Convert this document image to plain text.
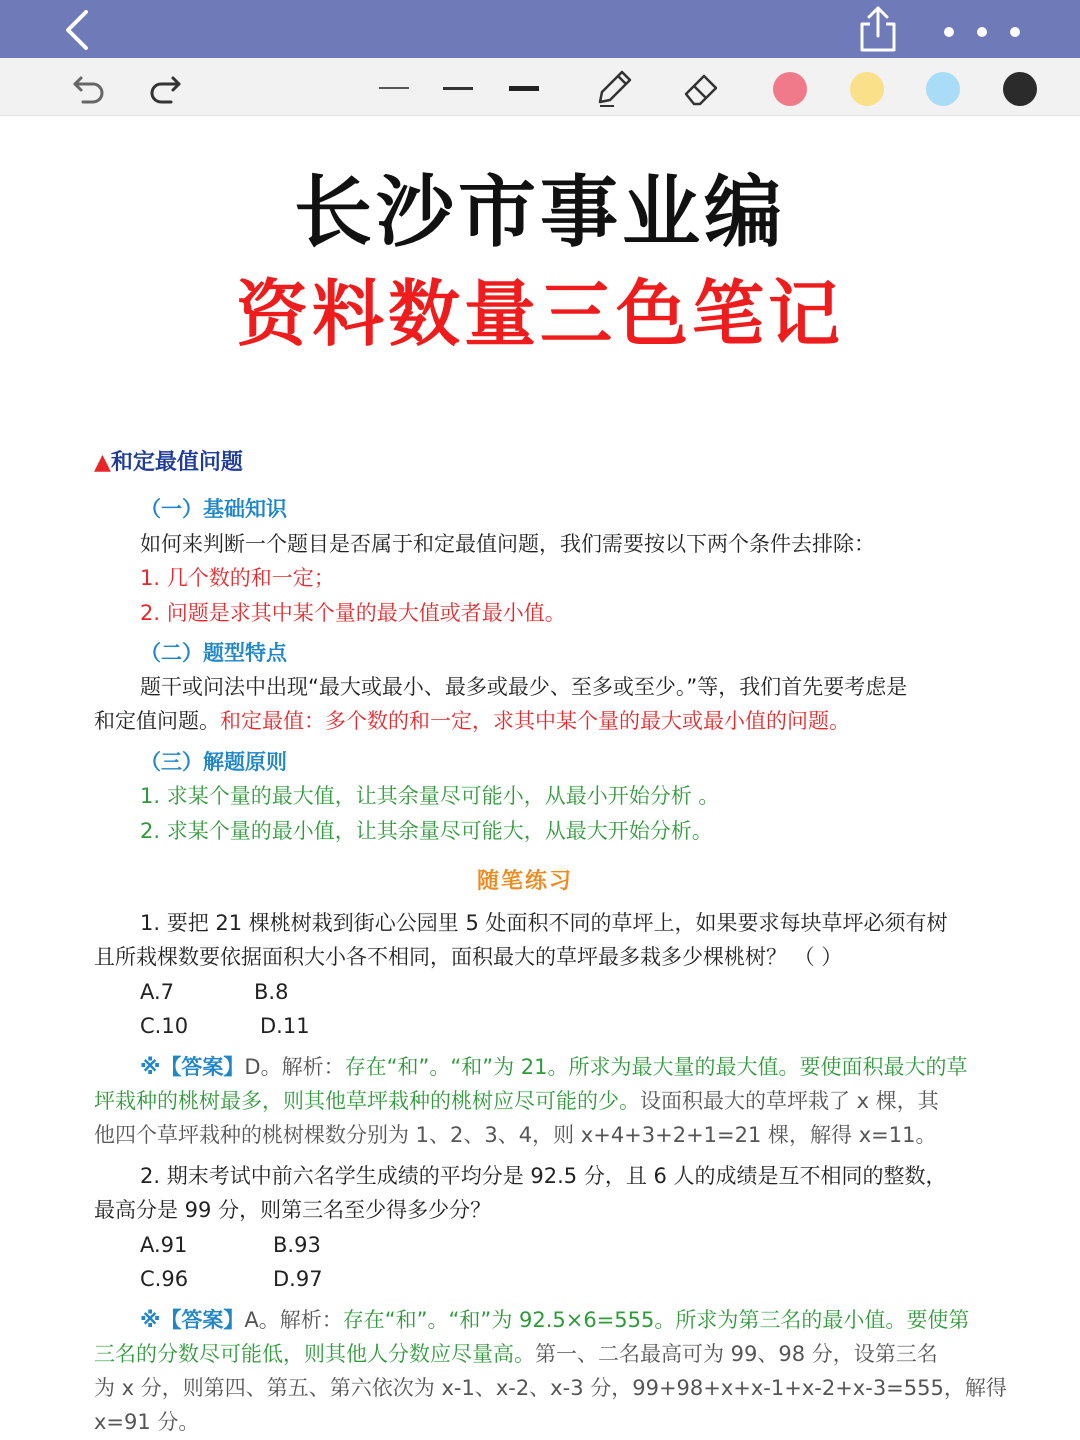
长沙市事业编
资料数量三色笔记
▲和定最值问题
（一）基础知识
如何来判断一个题目是否属于和定最值问题，我们需要按以下两个条件去排除：
1. 几个数的和一定；
2. 问题是求其中某个量的最大值或者最小值。
（二）题型特点
题干或问法中出现“最大或最小、最多或最少、至多或至少。”等，我们首先要考虑是
和定值问题。和定最值：多个数的和一定，求其中某个量的最大或最小值的问题。
（三）解题原则
1. 求某个量的最大值，让其余量尽可能小，从最小开始分析 。
2. 求某个量的最小值，让其余量尽可能大，从最大开始分析。
随笔练习
1. 要把 21 棵桃树栽到街心公园里 5 处面积不同的草坪上，如果要求每块草坪必须有树
且所栽棵数要依据面积大小各不相同，面积最大的草坪最多栽多少棵桃树？ （ ）
A.7	B.8
C.10	D.11
※【答案】D。解析：存在“和”。“和”为 21。所求为最大量的最大值。要使面积最大的草
坪栽种的桃树最多，则其他草坪栽种的桃树应尽可能的少。设面积最大的草坪栽了 x 棵，其
他四个草坪栽种的桃树棵数分别为 1、2、3、4，则 x+4+3+2+1=21 棵，解得 x=11。
2. 期末考试中前六名学生成绩的平均分是 92.5 分，且 6 人的成绩是互不相同的整数，
最高分是 99 分，则第三名至少得多少分？
A.91	B.93
C.96	D.97
※【答案】A。解析：存在“和”。“和”为 92.5×6=555。所求为第三名的最小值。要使第
三名的分数尽可能低，则其他人分数应尽量高。第一、二名最高可为 99、98 分，设第三名
为 x 分，则第四、第五、第六依次为 x-1、x-2、x-3 分，99+98+x+x-1+x-2+x-3=555，解得
x=91 分。
